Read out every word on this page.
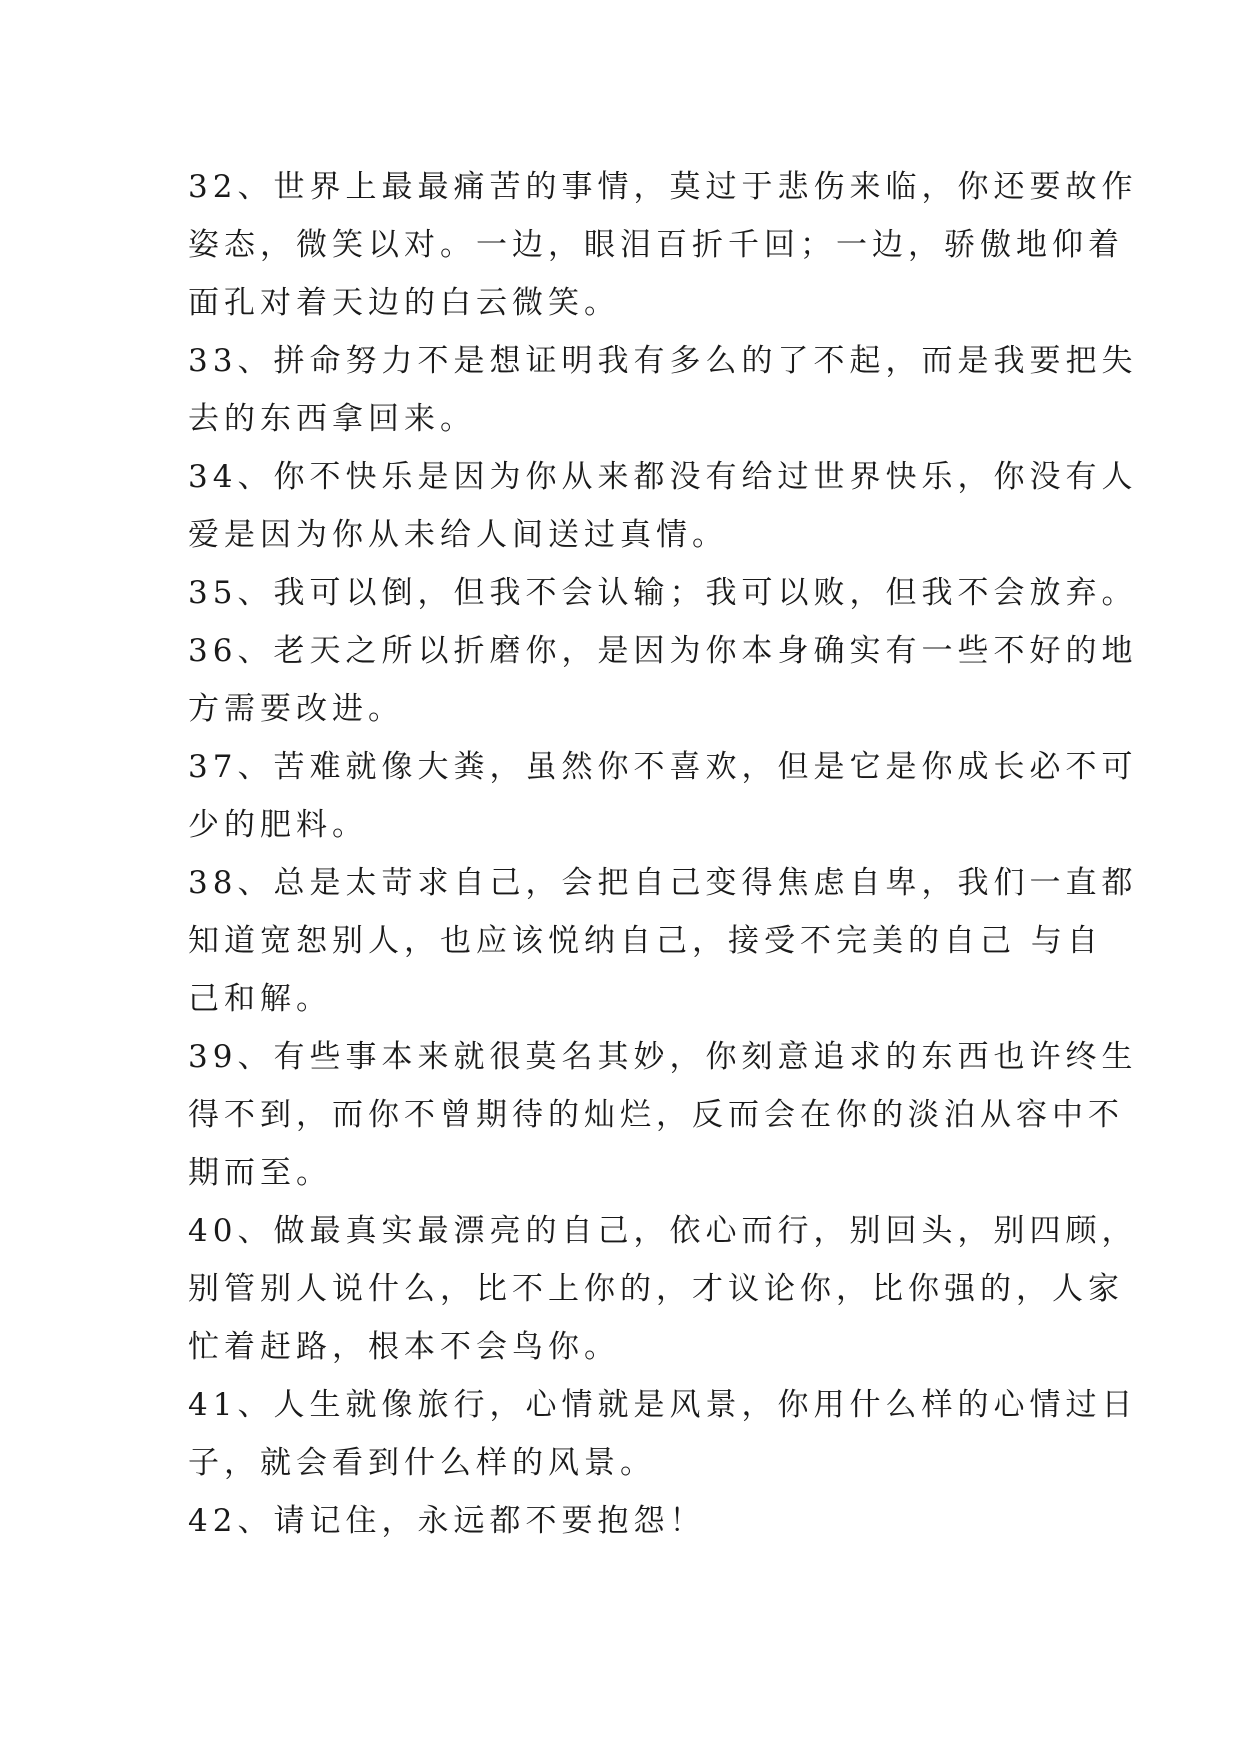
32、世界上最最痛苦的事情，莫过于悲伤来临，你还要故作

姿态，微笑以对。一边，眼泪百折千回；一边，骄傲地仰着

面孔对着天边的白云微笑。

33、拼命努力不是想证明我有多么的了不起，而是我要把失

去的东西拿回来。

34、你不快乐是因为你从来都没有给过世界快乐，你没有人

爱是因为你从未给人间送过真情。

35、我可以倒，但我不会认输；我可以败，但我不会放弃。

36、老天之所以折磨你，是因为你本身确实有一些不好的地

方需要改进。

37、苦难就像大粪，虽然你不喜欢，但是它是你成长必不可

少的肥料。

38、总是太苛求自己，会把自己变得焦虑自卑，我们一直都

知道宽恕别人，也应该悦纳自己，接受不完美的自己 与自

己和解。

39、有些事本来就很莫名其妙，你刻意追求的东西也许终生

得不到，而你不曾期待的灿烂，反而会在你的淡泊从容中不

期而至。

40、做最真实最漂亮的自己，依心而行，别回头，别四顾，

别管别人说什么，比不上你的，才议论你，比你强的，人家

忙着赶路，根本不会鸟你。

41、人生就像旅行，心情就是风景，你用什么样的心情过日

子，就会看到什么样的风景。

42、请记住，永远都不要抱怨！
